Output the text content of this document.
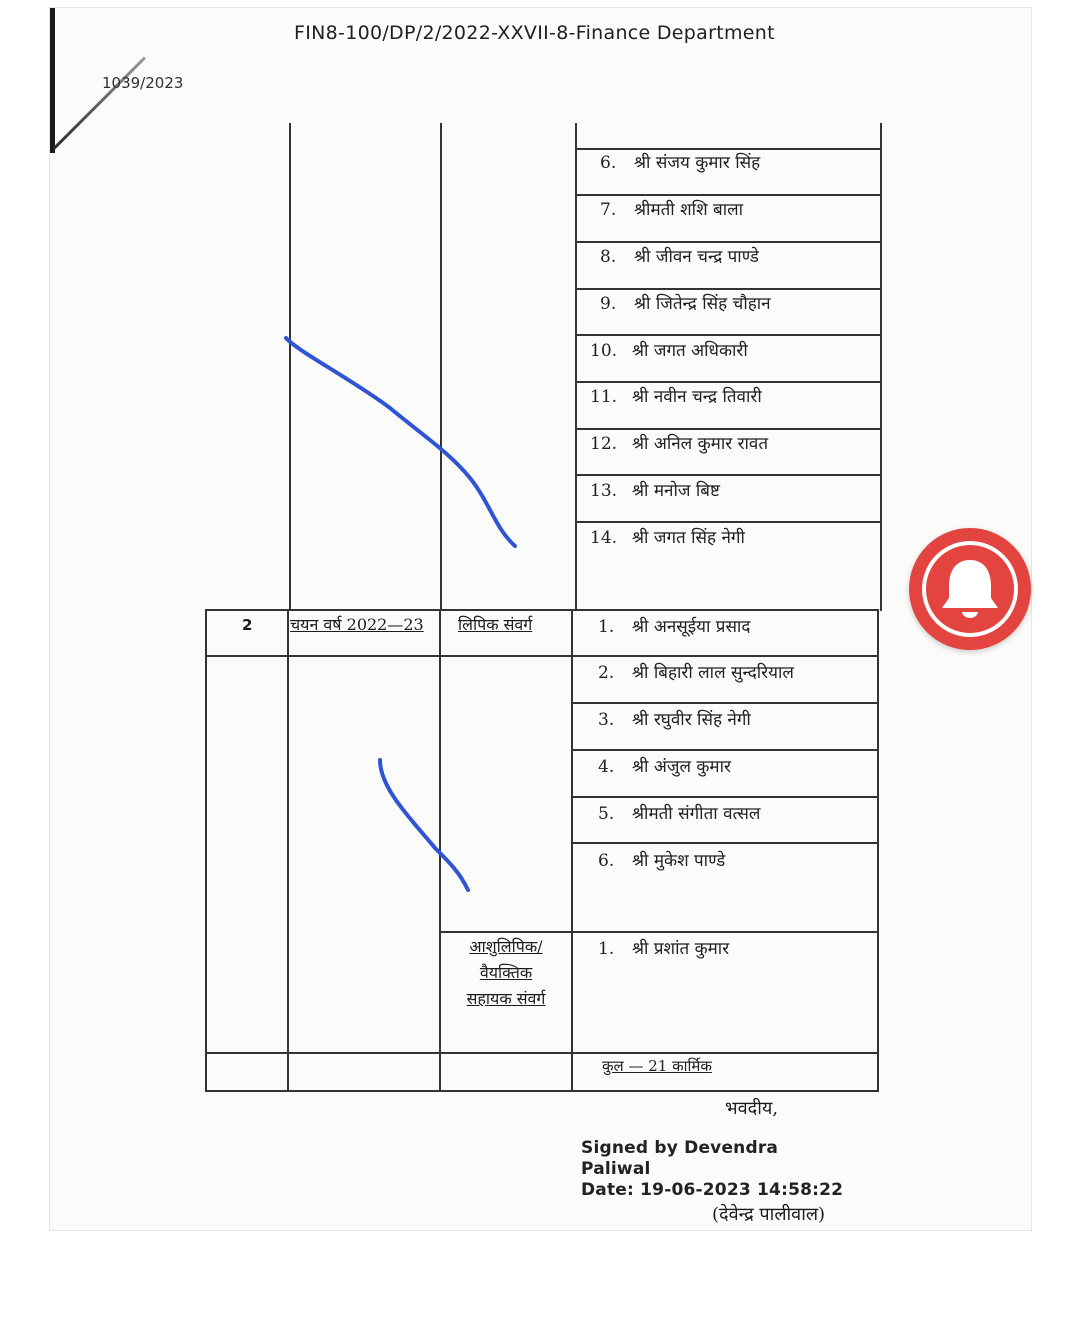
FIN8-100/DP/2/2022-XXVII-8-Finance Department
1039/2023
6. श्री संजय कुमार सिंह
7. श्रीमती शशि बाला
8. श्री जीवन चन्द्र पाण्डे
9. श्री जितेन्द्र सिंह चौहान
10. श्री जगत अधिकारी
11. श्री नवीन चन्द्र तिवारी
12. श्री अनिल कुमार रावत
13. श्री मनोज बिष्ट
14. श्री जगत सिंह नेगी
2 चयन वर्ष 2022—23 लिपिक संवर्ग	1. श्री अनसूईया प्रसाद
2. श्री बिहारी लाल सुन्दरियाल
3. श्री रघुवीर सिंह नेगी
4. श्री अंजुल कुमार
5. श्रीमती संगीता वत्सल
6. श्री मुकेश पाण्डे
आशुलिपिक/
वैयक्तिक
सहायक संवर्ग
1. श्री प्रशांत कुमार
कुल — 21 कार्मिक
भवदीय,
Signed by Devendra
Paliwal
Date: 19-06-2023 14:58:22
(देवेन्द्र पालीवाल)
